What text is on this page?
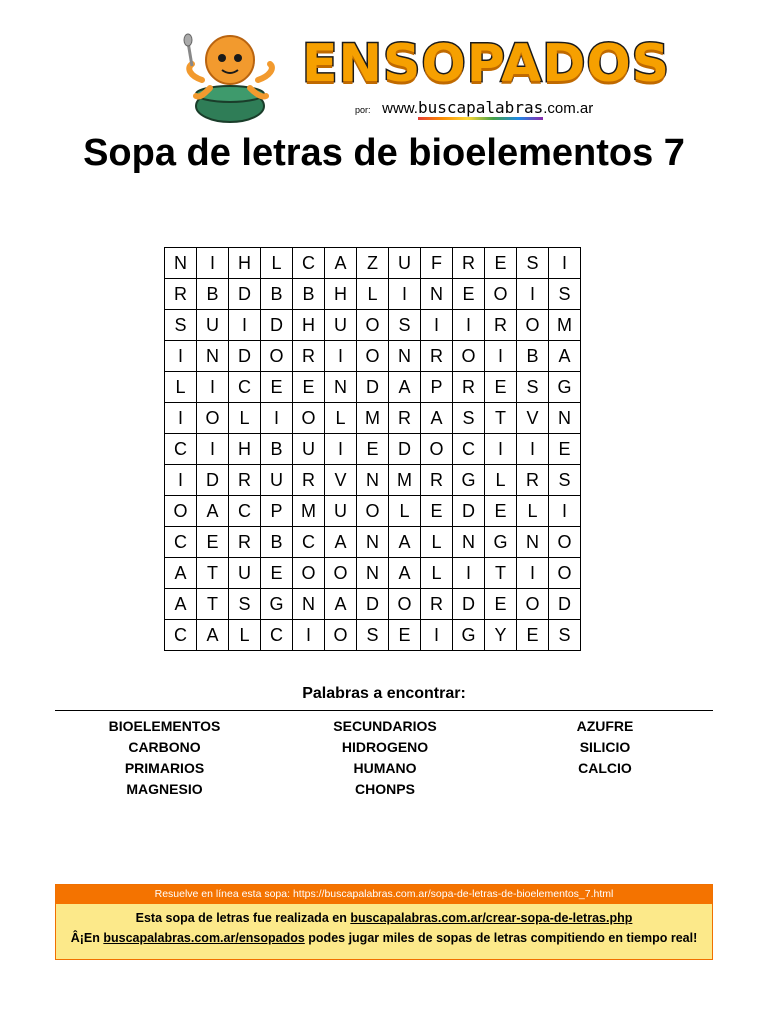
ENSOPADOS
por: www.buscapalabras.com.ar
Sopa de letras de bioelementos 7
N	I	H	L	C	A	Z	U	F	R	E	S	I
R	B	D	B	B	H	L	I	N	E	O	I	S
S	U	I	D	H	U	O	S	I	I	R	O	M
I	N	D	O	R	I	O	N	R	O	I	B	A
L	I	C	E	E	N	D	A	P	R	E	S	G
I	O	L	I	O	L	M	R	A	S	T	V	N
C	I	H	B	U	I	E	D	O	C	I	I	E
I	D	R	U	R	V	N	M	R	G	L	R	S
O	A	C	P	M	U	O	L	E	D	E	L	I
C	E	R	B	C	A	N	A	L	N	G	N	O
A	T	U	E	O	O	N	A	L	I	T	I	O
A	T	S	G	N	A	D	O	R	D	E	O	D
C	A	L	C	I	O	S	E	I	G	Y	E	S
Palabras a encontrar:
BIOELEMENTOS
CARBONO
PRIMARIOS
MAGNESIO
SECUNDARIOS
HIDROGENO
HUMANO
CHONPS
AZUFRE
SILICIO
CALCIO
Resuelve en línea esta sopa: https://buscapalabras.com.ar/sopa-de-letras-de-bioelementos_7.html
Esta sopa de letras fue realizada en buscapalabras.com.ar/crear-sopa-de-letras.php
Â¡En buscapalabras.com.ar/ensopados podes jugar miles de sopas de letras compitiendo en tiempo real!
